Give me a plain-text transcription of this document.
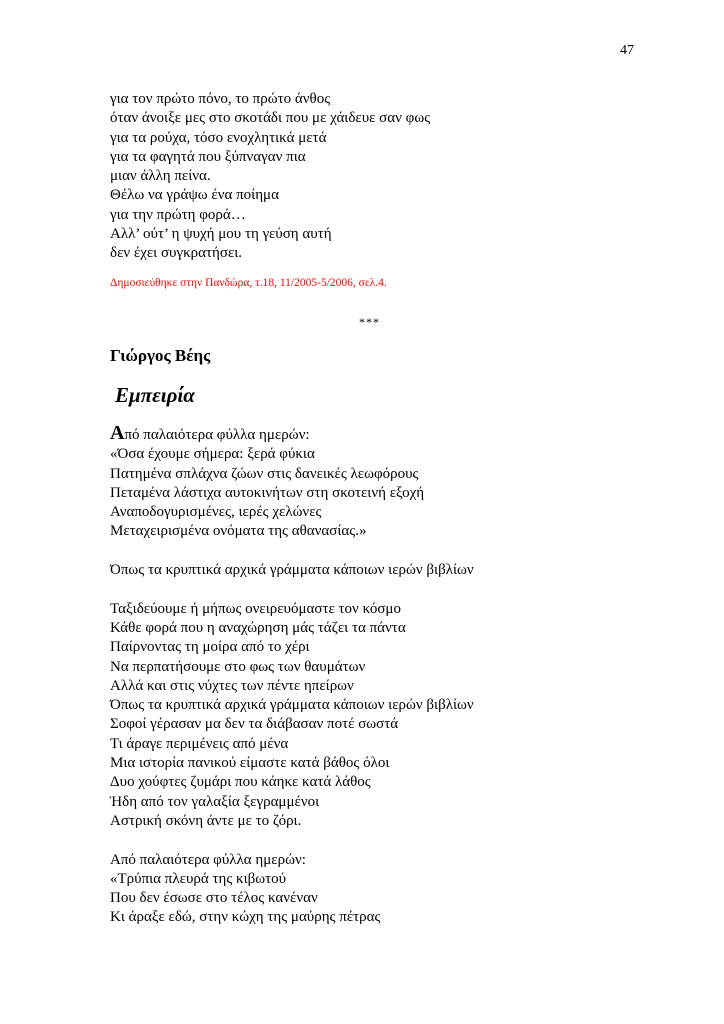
47
για τον πρώτο πόνο, το πρώτο άνθος
όταν άνοιξε μες στο σκοτάδι που με χάιδευε σαν φως
για τα ρούχα, τόσο ενοχλητικά μετά
για τα φαγητά που ξύπναγαν πια
μιαν άλλη πείνα.
Θέλω να γράψω ένα ποίημα
για την πρώτη φορά…
Αλλ’ ούτ’ η ψυχή μου τη γεύση αυτή
δεν έχει συγκρατήσει.
Δημοσιεύθηκε στην Πανδώρα, τ.18, 11/2005-5/2006, σελ.4.
***
Γιώργος Βέης
Εμπειρία
Από παλαιότερα φύλλα ημερών:
«Όσα έχουμε σήμερα: ξερά φύκια
Πατημένα σπλάχνα ζώων στις δανεικές λεωφόρους
Πεταμένα λάστιχα αυτοκινήτων στη σκοτεινή εξοχή
Αναποδογυρισμένες, ιερές χελώνες
Μεταχειρισμένα ονόματα της αθανασίας.»
Όπως τα κρυπτικά αρχικά γράμματα κάποιων ιερών βιβλίων
Ταξιδεύουμε ή μήπως ονειρευόμαστε τον κόσμο
Κάθε φορά που η αναχώρηση μάς τάζει τα πάντα
Παίρνοντας τη μοίρα από το χέρι
Να περπατήσουμε στο φως των θαυμάτων
Αλλά και στις νύχτες των πέντε ηπείρων
Όπως τα κρυπτικά αρχικά γράμματα κάποιων ιερών βιβλίων
Σοφοί γέρασαν μα δεν τα διάβασαν ποτέ σωστά
Τι άραγε περιμένεις από μένα
Μια ιστορία πανικού είμαστε κατά βάθος όλοι
Δυο χούφτες ζυμάρι που κάηκε κατά λάθος
Ήδη από τον γαλαξία ξεγραμμένοι
Αστρική σκόνη άντε με το ζόρι.
Από παλαιότερα φύλλα ημερών:
«Τρύπια πλευρά της κιβωτού
Που δεν έσωσε στο τέλος κανέναν
Κι άραξε εδώ, στην κώχη της μαύρης πέτρας
